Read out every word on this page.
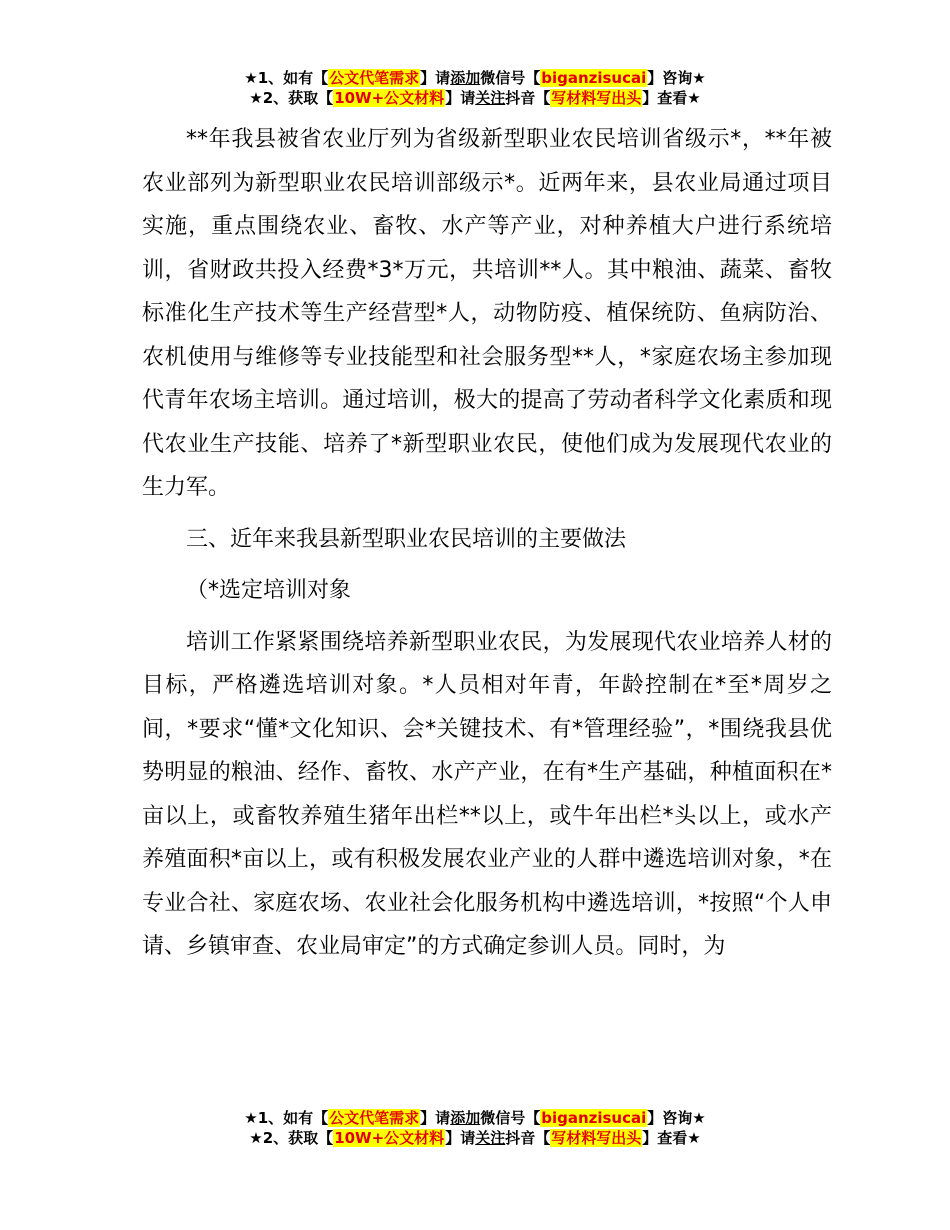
★1、如有【公文代笔需求】请添加微信号【biganzisucai】咨询★
★2、获取【10W+公文材料】请关注抖音【写材料写出头】查看★

**年我县被省农业厅列为省级新型职业农民培训省级示*，**年被农业部列为新型职业农民培训部级示*。近两年来，县农业局通过项目实施，重点围绕农业、畜牧、水产等产业，对种养植大户进行系统培训，省财政共投入经费*3*万元，共培训**人。其中粮油、蔬菜、畜牧标准化生产技术等生产经营型*人，动物防疫、植保统防、鱼病防治、农机使用与维修等专业技能型和社会服务型**人，*家庭农场主参加现代青年农场主培训。通过培训，极大的提高了劳动者科学文化素质和现代农业生产技能、培养了*新型职业农民，使他们成为发展现代农业的生力军。

三、近年来我县新型职业农民培训的主要做法

（*选定培训对象

培训工作紧紧围绕培养新型职业农民，为发展现代农业培养人材的目标，严格遴选培训对象。*人员相对年青，年龄控制在*至*周岁之间，*要求“懂*文化知识、会*关键技术、有*管理经验”，*围绕我县优势明显的粮油、经作、畜牧、水产产业，在有*生产基础，种植面积在*亩以上，或畜牧养殖生猪年出栏**以上，或牛年出栏*头以上，或水产养殖面积*亩以上，或有积极发展农业产业的人群中遴选培训对象，*在专业合社、家庭农场、农业社会化服务机构中遴选培训，*按照“个人申请、乡镇审查、农业局审定”的方式确定参训人员。同时，为

★1、如有【公文代笔需求】请添加微信号【biganzisucai】咨询★
★2、获取【10W+公文材料】请关注抖音【写材料写出头】查看★
